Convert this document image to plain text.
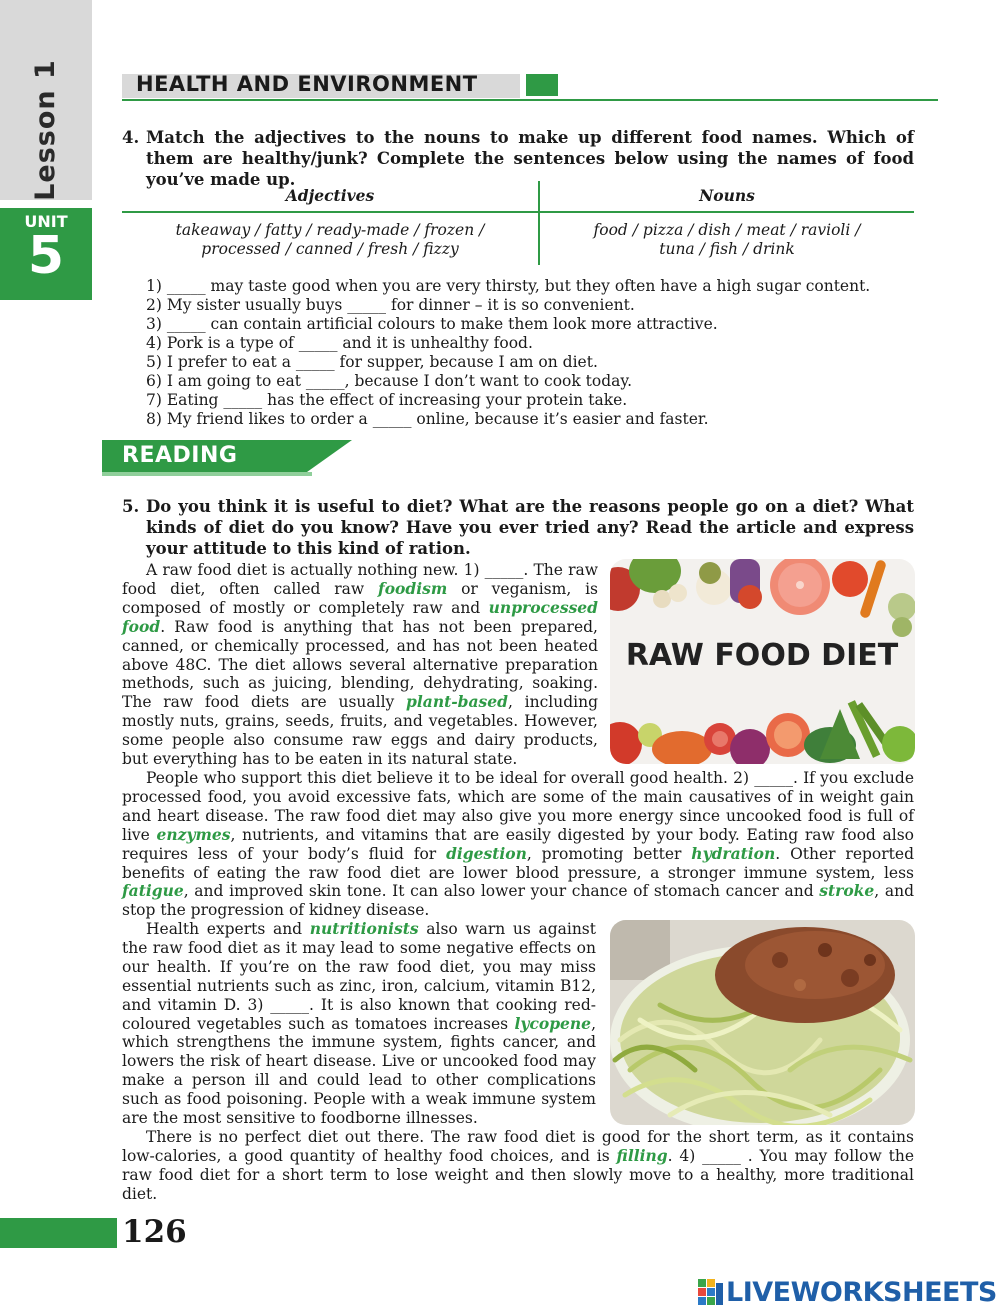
Lesson 1
UNIT
5
HEALTH AND ENVIRONMENT
4. Match the adjectives to the nouns to make up different food names. Which of them are healthy/junk? Complete the sentences below using the names of food you’ve made up.
Adjectives	Nouns
takeaway / fatty / ready-made / frozen /
processed / canned / fresh / fizzy
food / pizza / dish / meat / ravioli /
tuna / fish / drink
1) _____ may taste good when you are very thirsty, but they often have a high sugar content.
2) My sister usually buys _____ for dinner – it is so convenient.
3) _____ can contain artificial colours to make them look more attractive.
4) Pork is a type of _____ and it is unhealthy food.
5) I prefer to eat a _____ for supper, because I am on diet.
6) I am going to eat _____, because I don’t want to cook today.
7) Eating _____ has the effect of increasing your protein take.
8) My friend likes to order a _____ online, because it’s easier and faster.
READING
5. Do you think it is useful to diet? What are the reasons people go on a diet? What kinds of diet do you know? Have you ever tried any? Read the article and express your attitude to this kind of ration.
RAW FOOD DIET
A raw food diet is actually nothing new. 1) _____. The raw food diet, often called raw foodism or veganism, is composed of mostly or completely raw and unprocessed food. Raw food is anything that has not been prepared, canned, or chemically processed, and has not been heated above 48C. The diet allows several alternative preparation methods, such as juicing, blending, dehydrating, soaking. The raw food diets are usually plant-based, including mostly nuts, grains, seeds, fruits, and vegetables. However, some people also consume raw eggs and dairy products, but everything has to be eaten in its natural state.
People who support this diet believe it to be ideal for overall good health. 2) _____. If you exclude processed food, you avoid excessive fats, which are some of the main causatives of in weight gain and heart disease. The raw food diet may also give you more energy since uncooked food is full of live enzymes, nutrients, and vitamins that are easily digested by your body. Eating raw food also requires less of your body’s fluid for digestion, promoting better hydration. Other reported benefits of eating the raw food diet are lower blood pressure, a stronger immune system, less fatigue, and improved skin tone. It can also lower your chance of stomach cancer and stroke, and stop the progression of kidney disease.
Health experts and nutritionists also warn us against the raw food diet as it may lead to some negative effects on our health. If you’re on the raw food diet, you may miss essential nutrients such as zinc, iron, calcium, vitamin B12, and vitamin D. 3) _____. It is also known that cooking red-coloured vegetables such as tomatoes increases lycopene, which strengthens the immune system, fights cancer, and lowers the risk of heart disease. Live or uncooked food may make a person ill and could lead to other complications such as food poisoning. People with a weak immune system are the most sensitive to foodborne illnesses.
There is no perfect diet out there. The raw food diet is good for the short term, as it contains low-calories, a good quantity of healthy food choices, and is filling. 4) _____ . You may follow the raw food diet for a short term to lose weight and then slowly move to a healthy, more traditional diet.
126
LIVEWORKSHEETS
